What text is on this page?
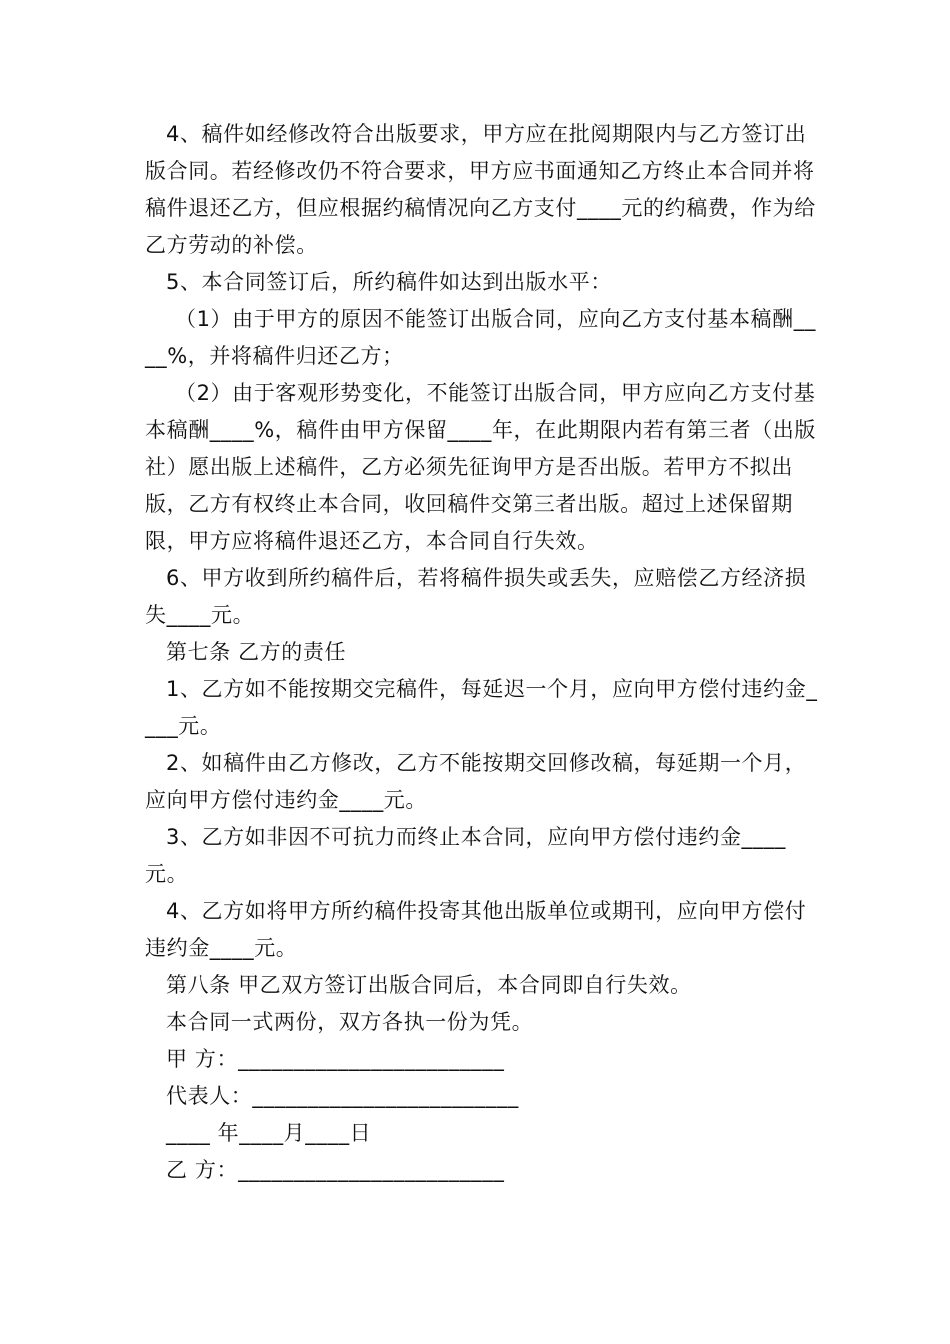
4、稿件如经修改符合出版要求，甲方应在批阅期限内与乙方签订出版合同。若经修改仍不符合要求，甲方应书面通知乙方终止本合同并将稿件退还乙方，但应根据约稿情况向乙方支付____元的约稿费，作为给乙方劳动的补偿。

5、本合同签订后，所约稿件如达到出版水平：

（1）由于甲方的原因不能签订出版合同，应向乙方支付基本稿酬____%，并将稿件归还乙方；

（2）由于客观形势变化，不能签订出版合同，甲方应向乙方支付基本稿酬____%，稿件由甲方保留____年，在此期限内若有第三者（出版社）愿出版上述稿件，乙方必须先征询甲方是否出版。若甲方不拟出版，乙方有权终止本合同，收回稿件交第三者出版。超过上述保留期限，甲方应将稿件退还乙方，本合同自行失效。

6、甲方收到所约稿件后，若将稿件损失或丢失，应赔偿乙方经济损失____元。

第七条 乙方的责任

1、乙方如不能按期交完稿件，每延迟一个月，应向甲方偿付违约金____元。

2、如稿件由乙方修改，乙方不能按期交回修改稿，每延期一个月，应向甲方偿付违约金____元。

3、乙方如非因不可抗力而终止本合同，应向甲方偿付违约金____元。

4、乙方如将甲方所约稿件投寄其他出版单位或期刊，应向甲方偿付违约金____元。

第八条 甲乙双方签订出版合同后，本合同即自行失效。

本合同一式两份，双方各执一份为凭。

甲 方：________________________

代表人：________________________

____ 年____月____日

乙 方：________________________
